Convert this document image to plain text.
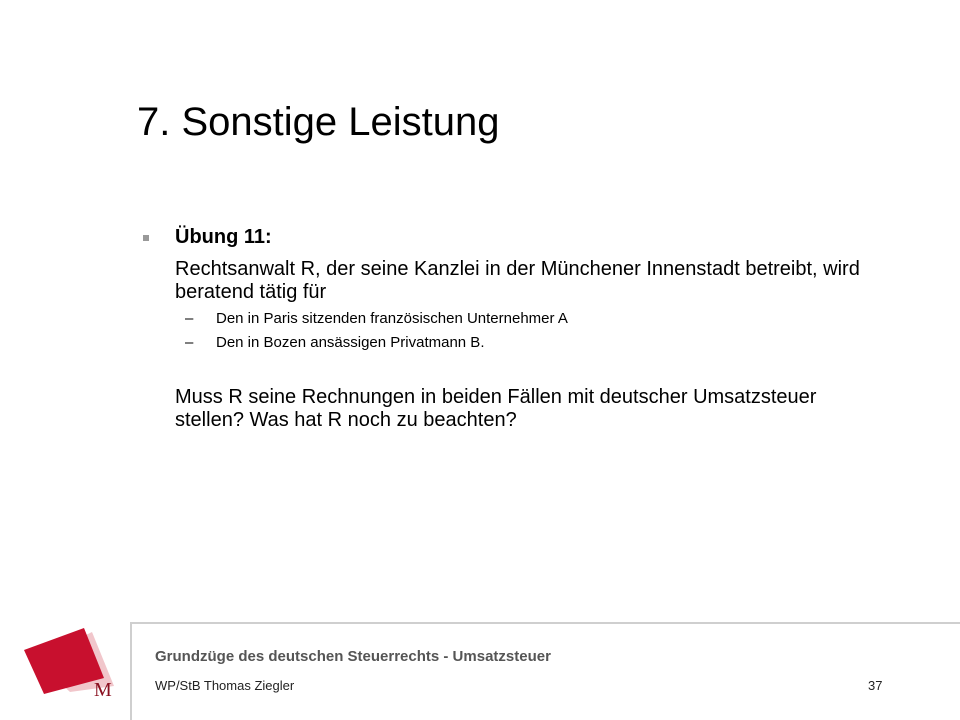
7. Sonstige Leistung
Übung 11:
Rechtsanwalt R, der seine Kanzlei in der Münchener Innenstadt betreibt, wird beratend tätig für
– Den in Paris sitzenden französischen Unternehmer A
– Den in Bozen ansässigen Privatmann B.
Muss R seine Rechnungen in beiden Fällen mit deutscher Umsatzsteuer stellen? Was hat R noch zu beachten?
M
Grundzüge des deutschen Steuerrechts - Umsatzsteuer
WP/StB Thomas Ziegler	37
